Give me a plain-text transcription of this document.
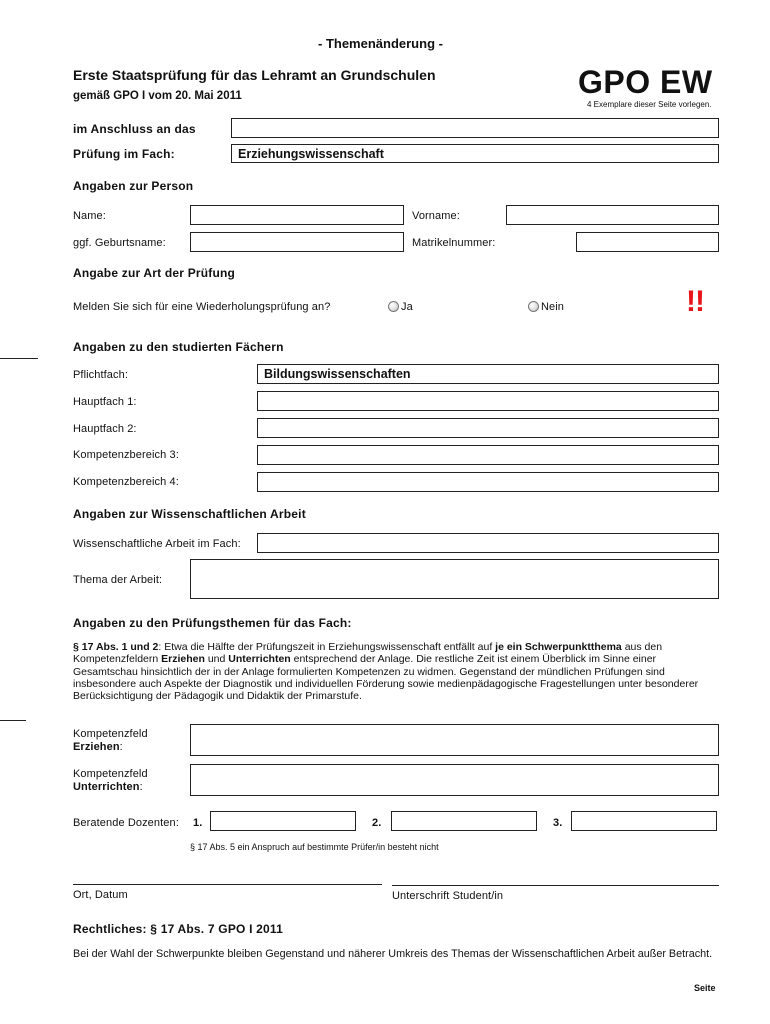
- Themenänderung -
Erste Staatsprüfung für das Lehramt an Grundschulen
gemäß GPO I vom 20. Mai 2011	GPO EW
4 Exemplare dieser Seite vorlegen.
im Anschluss an das
Prüfung im Fach:	Erziehungswissenschaft
Angaben zur Person
Name:	Vorname:
ggf. Geburtsname:	Matrikelnummer:
Angabe zur Art der Prüfung
Melden Sie sich für eine Wiederholungsprüfung an?	Ja	Nein	!!
Angaben zu den studierten Fächern
Pflichtfach:	Bildungswissenschaften
Hauptfach 1:
Hauptfach 2:
Kompetenzbereich 3:
Kompetenzbereich 4:
Angaben zur Wissenschaftlichen Arbeit
Wissenschaftliche Arbeit im Fach:
Thema der Arbeit:
Angaben zu den Prüfungsthemen für das Fach:
§ 17 Abs. 1 und 2: Etwa die Hälfte der Prüfungszeit in Erziehungswissenschaft entfällt auf je ein Schwerpunktthema aus den Kompetenzfeldern Erziehen und Unterrichten entsprechend der Anlage. Die restliche Zeit ist einem Überblick im Sinne einer Gesamtschau hinsichtlich der in der Anlage formulierten Kompetenzen zu widmen. Gegenstand der mündlichen Prüfungen sind insbesondere auch Aspekte der Diagnostik und individuellen Förderung sowie medienpädagogische Fragestellungen unter besonderer Berücksichtigung der Pädagogik und Didaktik der Primarstufe.
Kompetenzfeld
Erziehen:
Kompetenzfeld
Unterrichten:
Beratende Dozenten: 1.	2.	3.
§ 17 Abs. 5 ein Anspruch auf bestimmte Prüfer/in besteht nicht
Ort, Datum	Unterschrift Student/in
Rechtliches: § 17 Abs. 7 GPO I 2011
Bei der Wahl der Schwerpunkte bleiben Gegenstand und näherer Umkreis des Themas der Wissenschaftlichen Arbeit außer Betracht.
Seite
